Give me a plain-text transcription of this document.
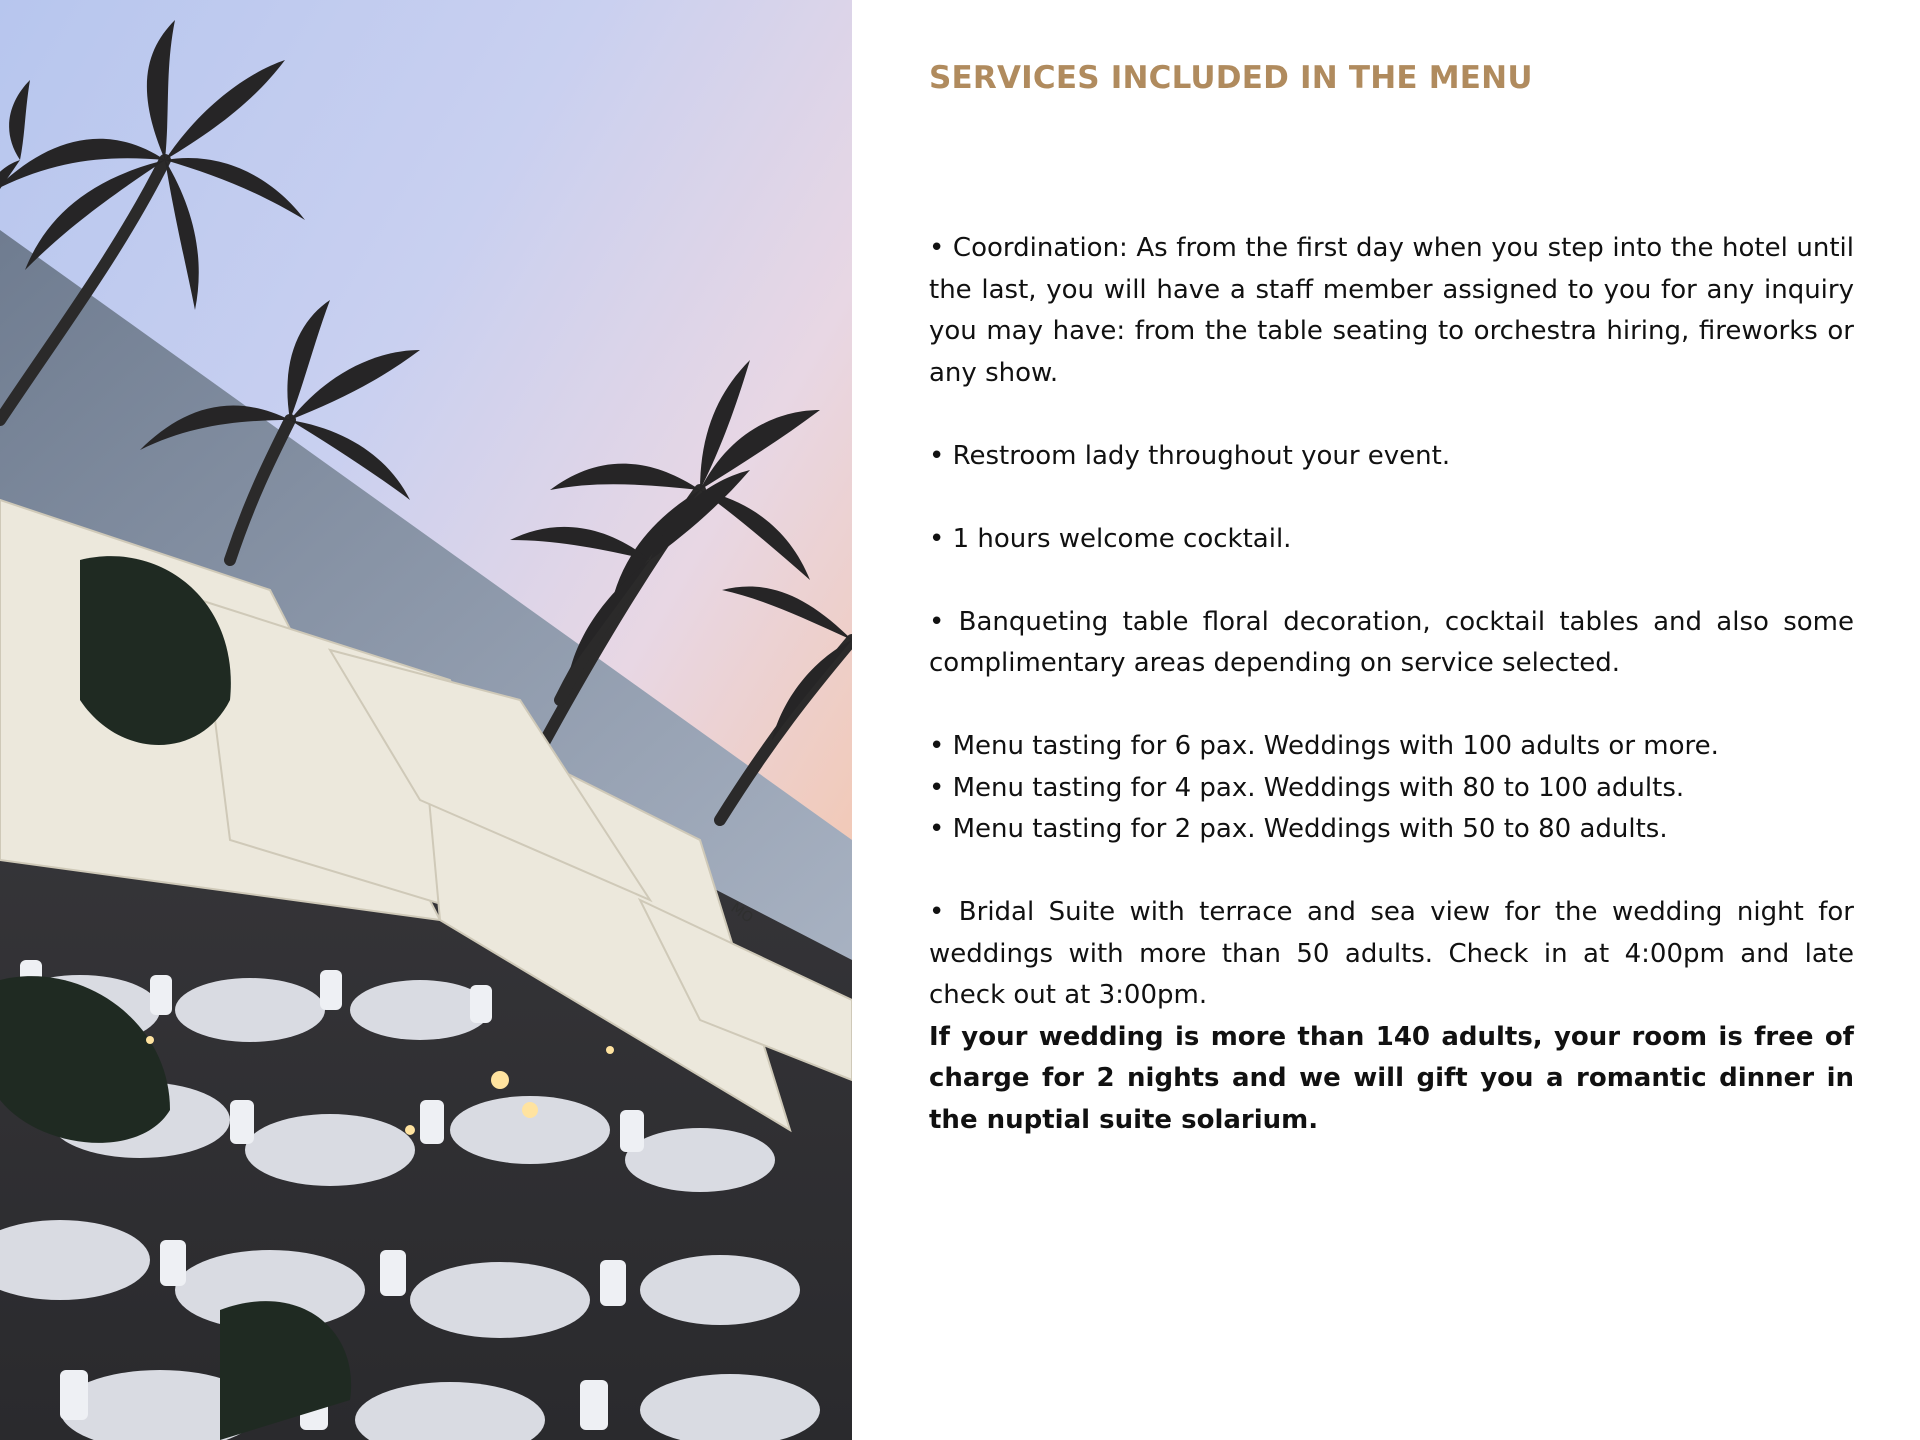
MO
SERVICES INCLUDED IN THE MENU

• Coordination: As from the first day when you step into the hotel until the last, you will have a staff member assigned to you for any inquiry you may have: from the table seating to orchestra hiring, fireworks or any show.

• Restroom lady throughout your event.

• 1 hours welcome cocktail.

• Banqueting table floral decoration, cocktail tables and also some complimentary areas depending on service selected.

• Menu tasting for 6 pax. Weddings with 100 adults or more.

• Menu tasting for 4 pax. Weddings with 80 to 100 adults.

• Menu tasting for 2 pax. Weddings with 50 to 80 adults.

• Bridal Suite with terrace and sea view for the wedding night for weddings with more than 50 adults. Check in at 4:00pm and late check out at 3:00pm.

If your wedding is more than 140 adults, your room is free of charge for 2 nights and we will gift you a romantic dinner in the nuptial suite solarium.
